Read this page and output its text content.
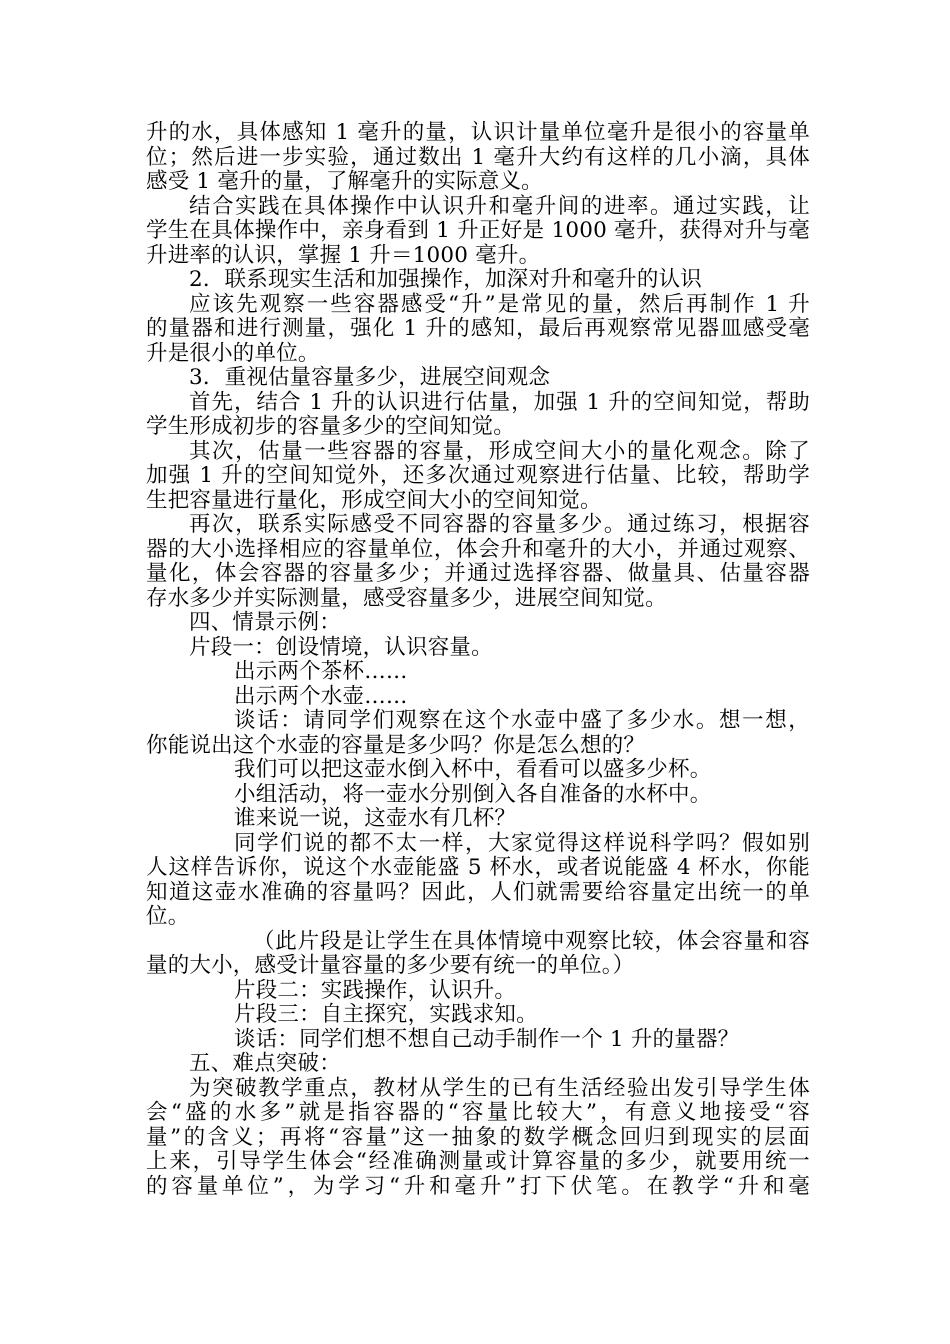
升的水，具体感知 1 毫升的量，认识计量单位毫升是很小的容量单
位；然后进一步实验，通过数出 1 毫升大约有这样的几小滴，具体
感受 1 毫升的量，了解毫升的实际意义。
结合实践在具体操作中认识升和毫升间的进率。通过实践，让
学生在具体操作中，亲身看到 1 升正好是 1000 毫升，获得对升与毫
升进率的认识，掌握 1 升＝1000 毫升。
2．联系现实生活和加强操作，加深对升和毫升的认识
应该先观察一些容器感受“升”是常见的量，然后再制作 1 升
的量器和进行测量，强化 1 升的感知，最后再观察常见器皿感受毫
升是很小的单位。
3．重视估量容量多少，进展空间观念
首先，结合 1 升的认识进行估量，加强 1 升的空间知觉，帮助
学生形成初步的容量多少的空间知觉。
其次，估量一些容器的容量，形成空间大小的量化观念。除了
加强 1 升的空间知觉外，还多次通过观察进行估量、比较，帮助学
生把容量进行量化，形成空间大小的空间知觉。
再次，联系实际感受不同容器的容量多少。通过练习，根据容
器的大小选择相应的容量单位，体会升和毫升的大小，并通过观察、
量化，体会容器的容量多少；并通过选择容器、做量具、估量容器
存水多少并实际测量，感受容量多少，进展空间知觉。
四、情景示例：
片段一：创设情境，认识容量。
出示两个茶杯……
出示两个水壶……
谈话：请同学们观察在这个水壶中盛了多少水。想一想，
你能说出这个水壶的容量是多少吗？你是怎么想的？
我们可以把这壶水倒入杯中，看看可以盛多少杯。
小组活动，将一壶水分别倒入各自准备的水杯中。
谁来说一说，这壶水有几杯？
同学们说的都不太一样，大家觉得这样说科学吗？假如别
人这样告诉你，说这个水壶能盛 5 杯水，或者说能盛 4 杯水，你能
知道这壶水准确的容量吗？因此，人们就需要给容量定出统一的单
位。
（此片段是让学生在具体情境中观察比较，体会容量和容
量的大小，感受计量容量的多少要有统一的单位。）
片段二：实践操作，认识升。
片段三：自主探究，实践求知。
谈话：同学们想不想自己动手制作一个 1 升的量器？
五、难点突破：
为突破教学重点，教材从学生的已有生活经验出发引导学生体
会“盛的水多”就是指容器的“容量比较大”，有意义地接受“容
量”的含义；再将“容量”这一抽象的数学概念回归到现实的层面
上来，引导学生体会“经准确测量或计算容量的多少，就要用统一
的容量单位”，为学习“升和毫升”打下伏笔。在教学“升和毫
